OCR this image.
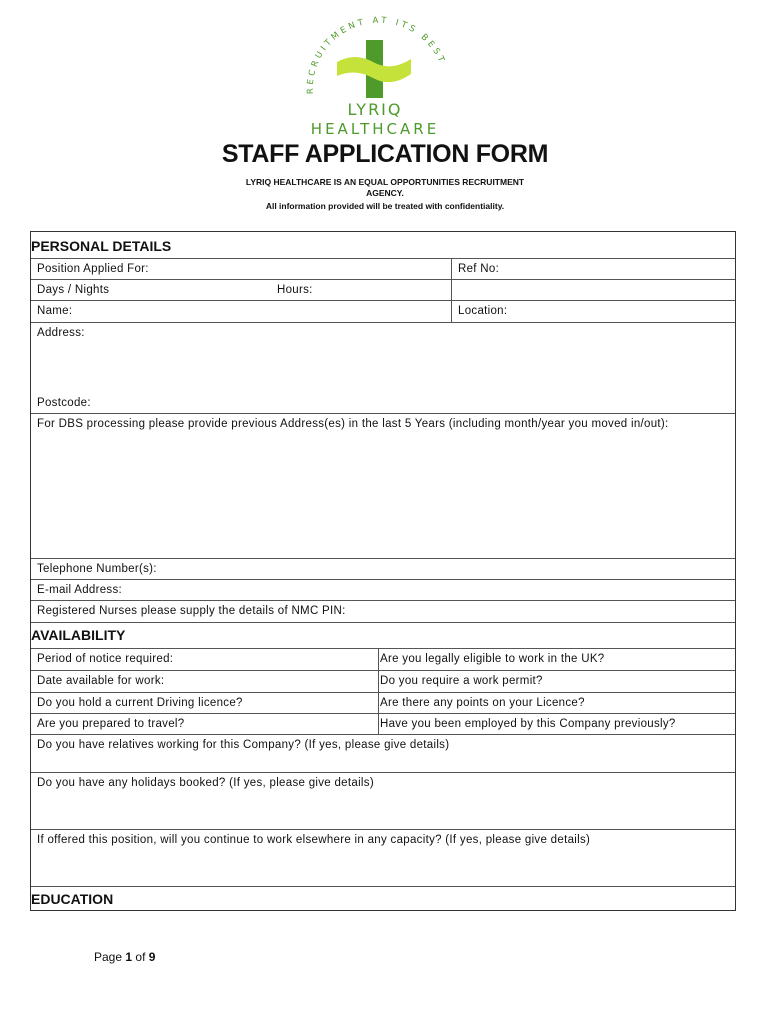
RECRUITMENT AT ITS BEST
LYRIQ
HEALTHCARE
STAFF APPLICATION FORM
LYRIQ HEALTHCARE IS AN EQUAL OPPORTUNITIES RECRUITMENT AGENCY.
All information provided will be treated with confidentiality.
PERSONAL DETAILS
Position Applied For:	Ref No:
Days / Nights	Hours:
Name:	Location:
Address:
Postcode:
For DBS processing please provide previous Address(es) in the last 5 Years (including month/year you moved in/out):
Telephone Number(s):
E-mail Address:
Registered Nurses please supply the details of NMC PIN:
AVAILABILITY
Period of notice required:	Are you legally eligible to work in the UK?
Date available for work:	Do you require a work permit?
Do you hold a current Driving licence?	Are there any points on your Licence?
Are you prepared to travel?	Have you been employed by this Company previously?
Do you have relatives working for this Company? (If yes, please give details)
Do you have any holidays booked? (If yes, please give details)
If offered this position, will you continue to work elsewhere in any capacity? (If yes, please give details)
EDUCATION
Page 1 of 9
